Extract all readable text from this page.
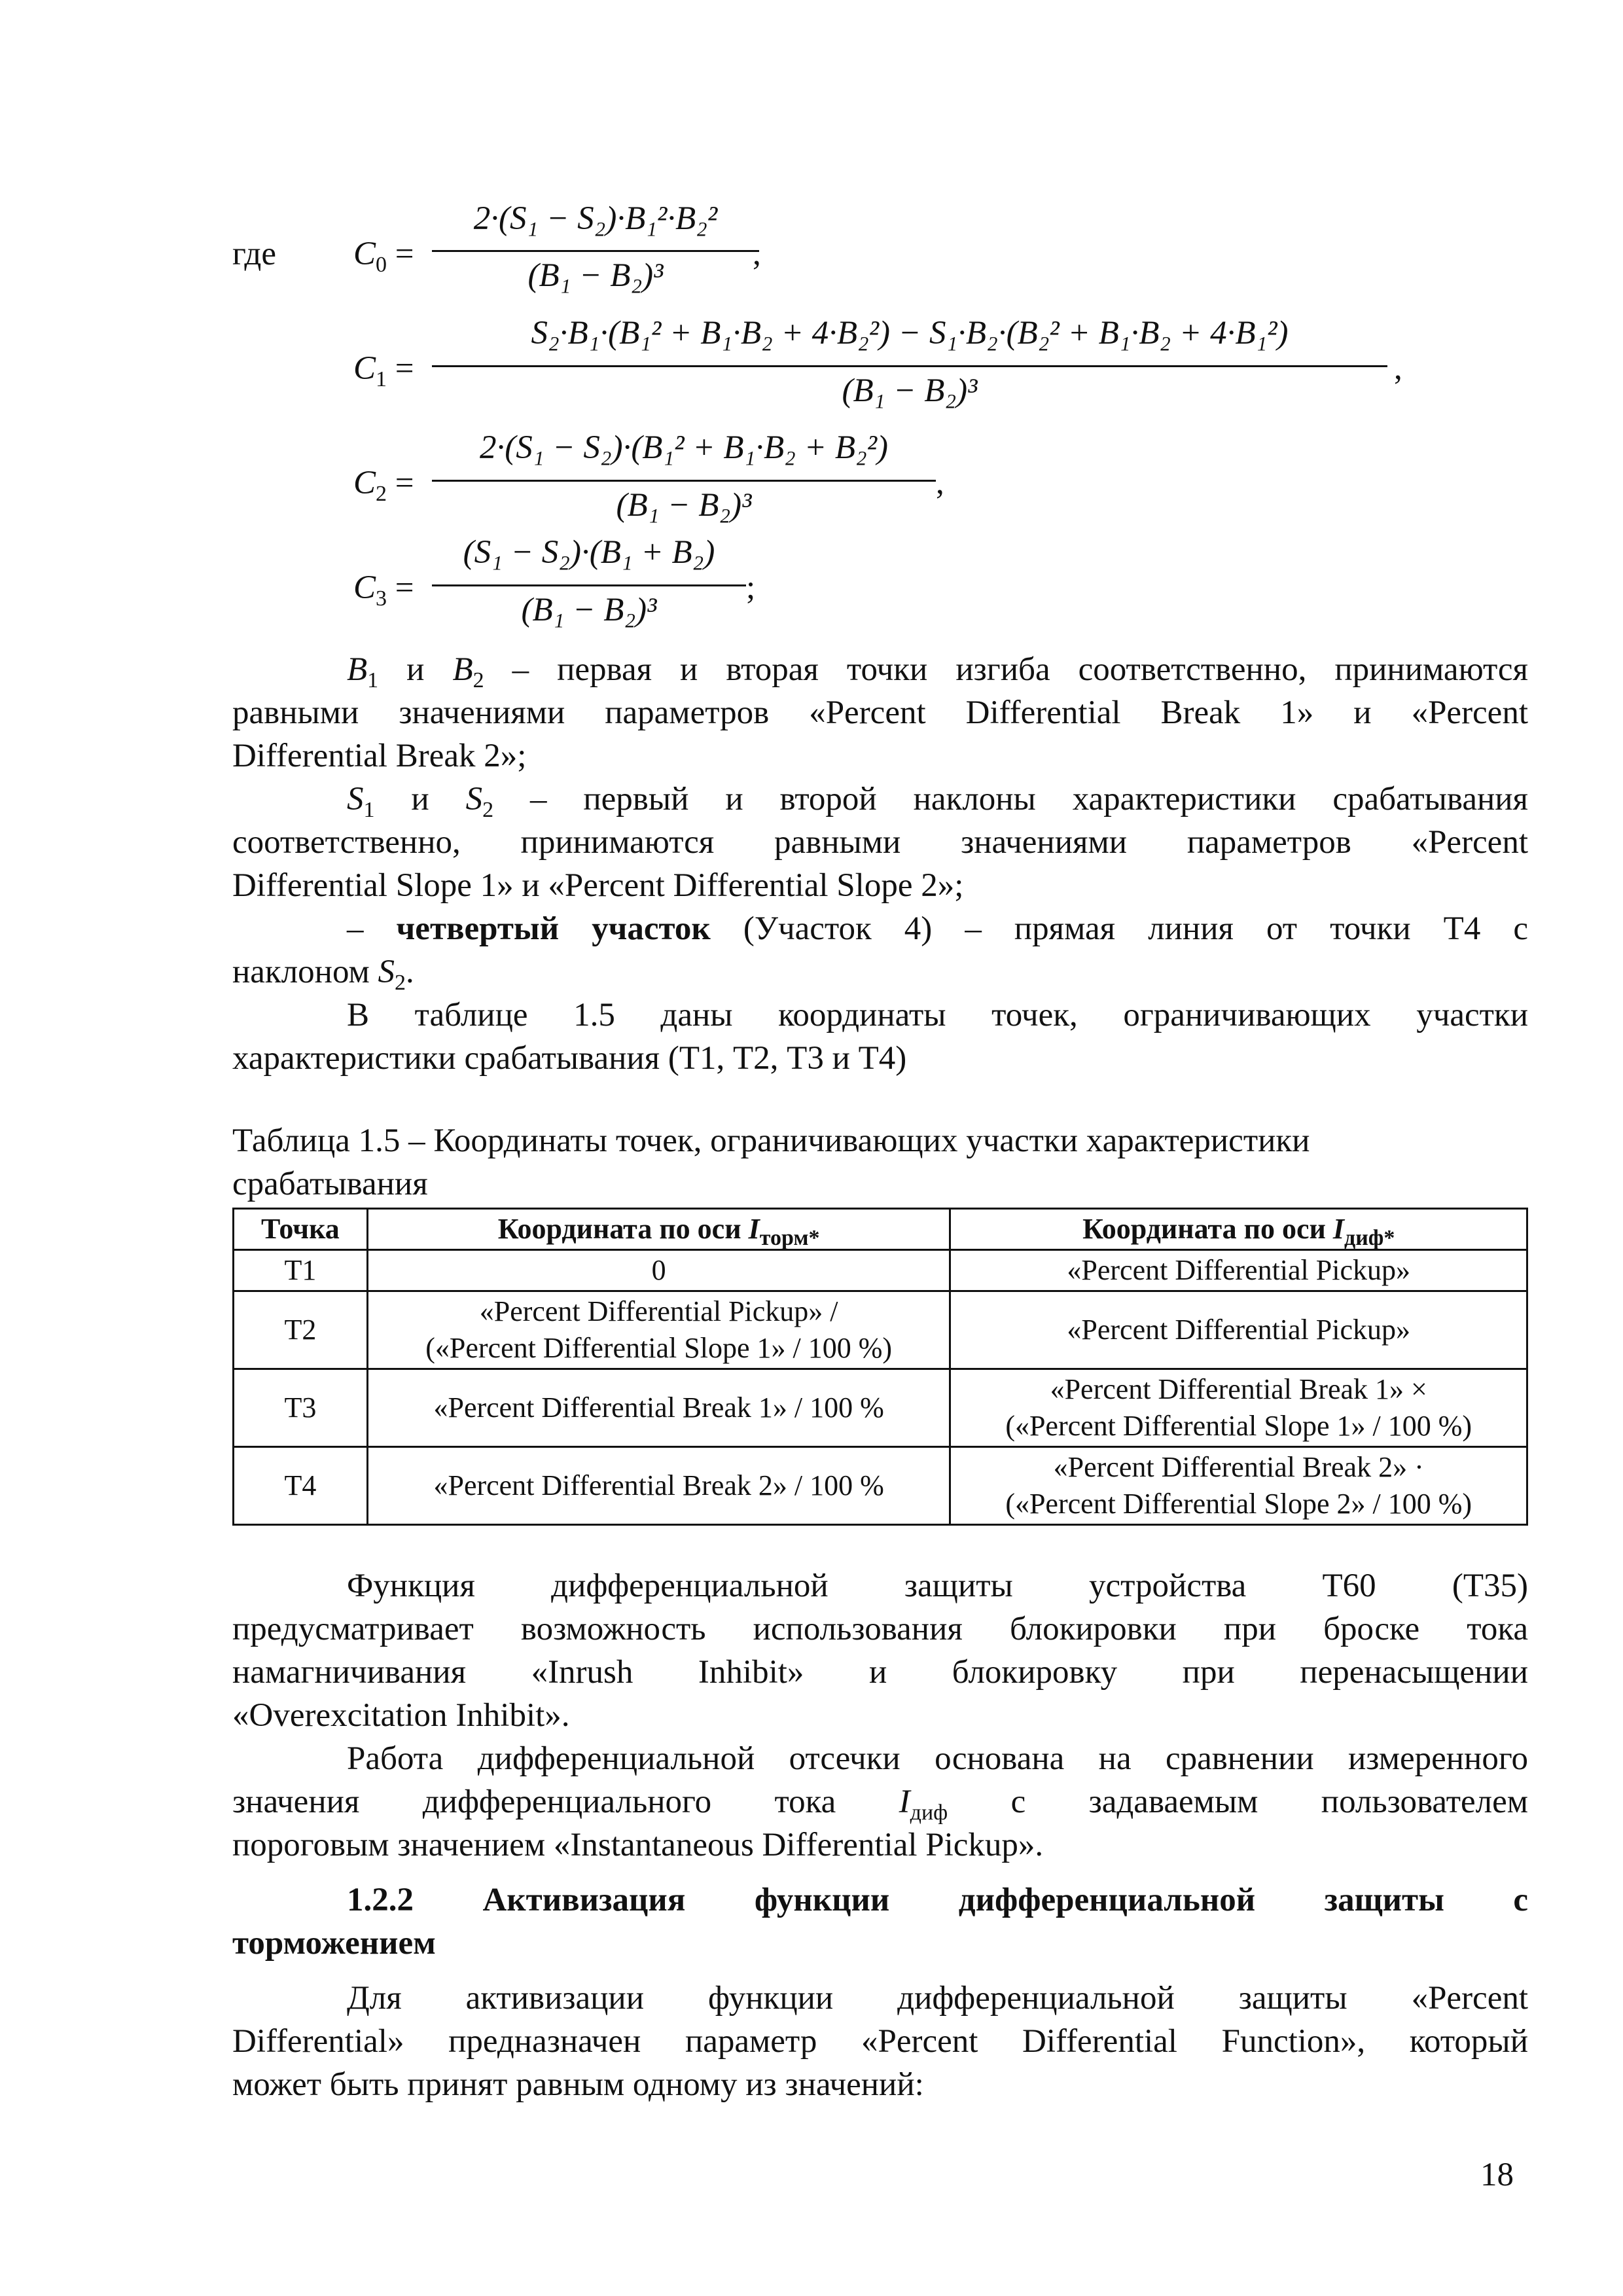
где $C_0$ =
2·(S₁ − S₂)·B₁²·B₂²
(B₁ − B₂)³
,
$C_1$ =
S₂·B₁·(B₁² + B₁·B₂ + 4·B₂²) − S₁·B₂·(B₂² + B₁·B₂ + 4·B₁²)
(B₁ − B₂)³
,
$C_2$ =
2·(S₁ − S₂)·(B₁² + B₁·B₂ + B₂²)
(B₁ − B₂)³
,
$C_3$ =
(S₁ − S₂)·(B₁ + B₂)
(B₁ − B₂)³
;
$B_1$ и $B_2$ – первая и вторая точки изгиба соответственно, принимаются
равными значениями параметров «Percent Differential Break 1» и «Percent
Differential Break 2»;
$S_1$ и $S_2$ – первый и второй наклоны характеристики срабатывания
соответственно, принимаются равными значениями параметров «Percent
Differential Slope 1» и «Percent Differential Slope 2»;
– четвертый участок (Участок 4) – прямая линия от точки Т4 с
наклоном $S_2$.
В таблице 1.5 даны координаты точек, ограничивающих участки
характеристики срабатывания (Т1, Т2, Т3 и Т4)
Таблица 1.5 – Координаты точек, ограничивающих участки характеристики
срабатывания
Точка	Координата по оси $I_{торм*}$	Координата по оси $I_{диф*}$
Т1	0	«Percent Differential Pickup»
Т2	«Percent Differential Pickup» /
(«Percent Differential Slope 1» / 100 %)	«Percent Differential Pickup»
Т3	«Percent Differential Break 1» / 100 %	«Percent Differential Break 1» ×
(«Percent Differential Slope 1» / 100 %)

Т4	«Percent Differential Break 2» / 100 %	«Percent Differential Break 2» ·
(«Percent Differential Slope 2» / 100 %)
Функция дифференциальной защиты устройства Т60 (Т35)
предусматривает возможность использования блокировки при броске тока
намагничивания «Inrush Inhibit» и блокировку при перенасыщении
«Overexcitation Inhibit».
Работа дифференциальной отсечки основана на сравнении измеренного
значения дифференциального тока $I_{диф}$ с задаваемым пользователем
пороговым значением «Instantaneous Differential Pickup».
1.2.2 Активизация функции дифференциальной защиты с
торможением
Для активизации функции дифференциальной защиты «Percent
Differential» предназначен параметр «Percent Differential Function», который
может быть принят равным одному из значений:
18
